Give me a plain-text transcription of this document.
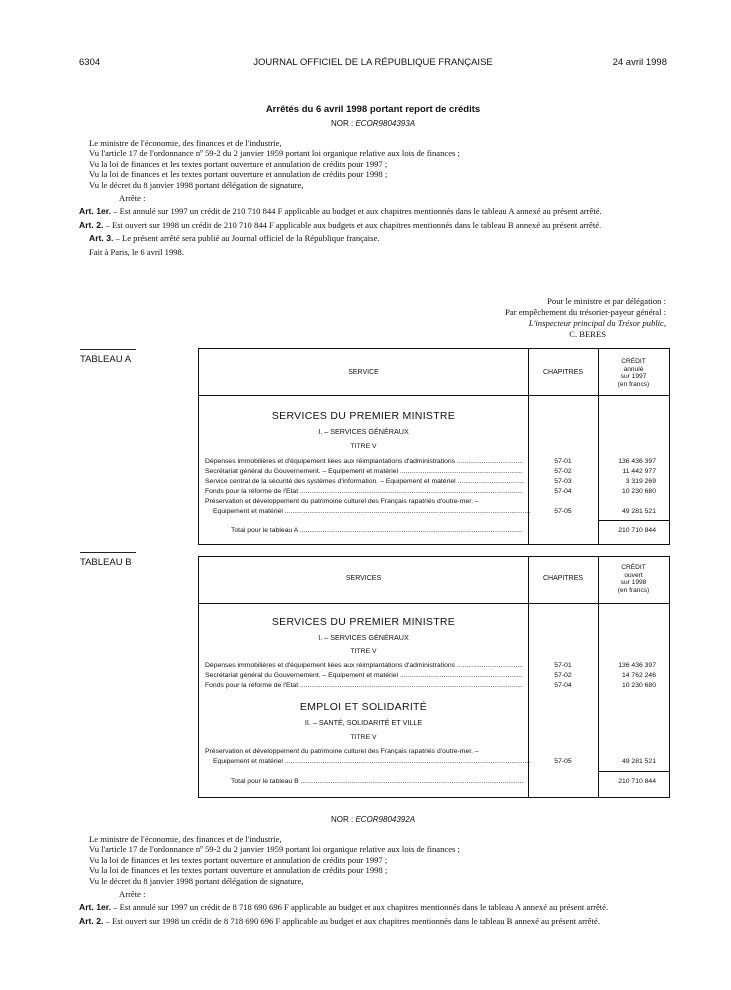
6304	JOURNAL OFFICIEL DE LA RÉPUBLIQUE FRANÇAISE	24 avril 1998
Arrêtés du 6 avril 1998 portant report de crédits
NOR : ECOR9804393A

Le ministre de l'économie, des finances et de l'industrie,

Vu l'article 17 de l'ordonnance nº 59-2 du 2 janvier 1959 portant loi organique relative aux lois de finances ;

Vu la loi de finances et les textes portant ouverture et annulation de crédits pour 1997 ;

Vu la loi de finances et les textes portant ouverture et annulation de crédits pour 1998 ;

Vu le décret du 8 janvier 1998 portant délégation de signature,

Arrête :

Art. 1er. – Est annulé sur 1997 un crédit de 210 710 844 F applicable au budget et aux chapitres mentionnés dans le tableau A annexé au présent arrêté.

Art. 2. – Est ouvert sur 1998 un crédit de 210 710 844 F applicable aux budgets et aux chapitres mentionnés dans le tableau B annexé au présent arrêté.

Art. 3. – Le présent arrêté sera publié au Journal officiel de la République française.

Fait à Paris, le 6 avril 1998.

Pour le ministre et par délégation :
Par empêchement du trésorier-payeur général :
L'inspecteur principal du Trésor public,
C. BERES
TABLEAU A
SERVICE	CHAPITRES
CRÉDIT
annulé
sur 1997
(en francs)
SERVICES DU PREMIER MINISTRE
I. – SERVICES GÉNÉRAUX
TITRE V
Dépenses immobilières et d'équipement liées aux réimplantations d'administrations .....	57-01	136 436 397
Secrétariat général du Gouvernement. – Equipement et matériel .....	57-02	11 442 977
Service central de la sécurité des systèmes d'information. – Equipement et matériel .....	57-03	3 319 269
Fonds pour la réforme de l'Etat .....	57-04	10 230 680
Préservation et développement du patrimoine culturel des Français rapatriés d'outre-mer. –
Equipement et matériel .....	57-05	49 281 521
Total pour le tableau A .....	210 710 844
TABLEAU B
SERVICES	CHAPITRES
CRÉDIT
ouvert
sur 1998
(en francs)
SERVICES DU PREMIER MINISTRE
I. – SERVICES GÉNÉRAUX
TITRE V
Dépenses immobilières et d'équipement liées aux réimplantations d'administrations .....	57-01	136 436 397
Secrétariat général du Gouvernement. – Equipement et matériel .....	57-02	14 762 246
Fonds pour la réforme de l'Etat .....	57-04	10 230 680
EMPLOI ET SOLIDARITÉ
II. – SANTÉ, SOLIDARITÉ ET VILLE
TITRE V
Préservation et développement du patrimoine culturel des Français rapatriés d'outre-mer. –
Equipement et matériel .....	57-05	49 281 521
Total pour le tableau B .....	210 710 844
NOR : ECOR9804392A

Le ministre de l'économie, des finances et de l'industrie,

Vu l'article 17 de l'ordonnance nº 59-2 du 2 janvier 1959 portant loi organique relative aux lois de finances ;

Vu la loi de finances et les textes portant ouverture et annulation de crédits pour 1997 ;

Vu la loi de finances et les textes portant ouverture et annulation de crédits pour 1998 ;

Vu le décret du 8 janvier 1998 portant délégation de signature,

Arrête :

Art. 1er. – Est annulé sur 1997 un crédit de 8 718 690 696 F applicable au budget et aux chapitres mentionnés dans le tableau A annexé au présent arrêté.

Art. 2. – Est ouvert sur 1998 un crédit de 8 718 690 696 F applicable au budget et aux chapitres mentionnés dans le tableau B annexé au présent arrêté.
